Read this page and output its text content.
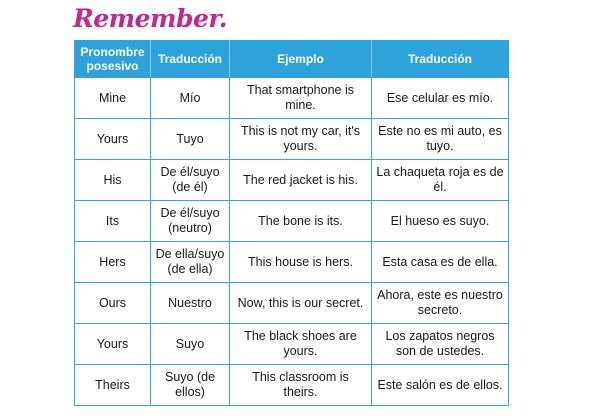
Remember.
Pronombre posesivo	Traducción	Ejemplo	Traducción
Mine	Mío	That smartphone is mine.	Ese celular es mío.
Yours	Tuyo	This is not my car, it's yours.	Este no es mi auto, es tuyo.
His	De él/suyo (de él)	The red jacket is his.	La chaqueta roja es de él.
Its	De él/suyo (neutro)	The bone is its.	El hueso es suyo.
Hers	De ella/suyo (de ella)	This house is hers.	Esta casa es de ella.
Ours	Nuestro	Now, this is our secret.	Ahora, este es nuestro secreto.
Yours	Suyo	The black shoes are yours.	Los zapatos negros son de ustedes.
Theirs	Suyo (de ellos)	This classroom is theirs.	Este salón es de ellos.
